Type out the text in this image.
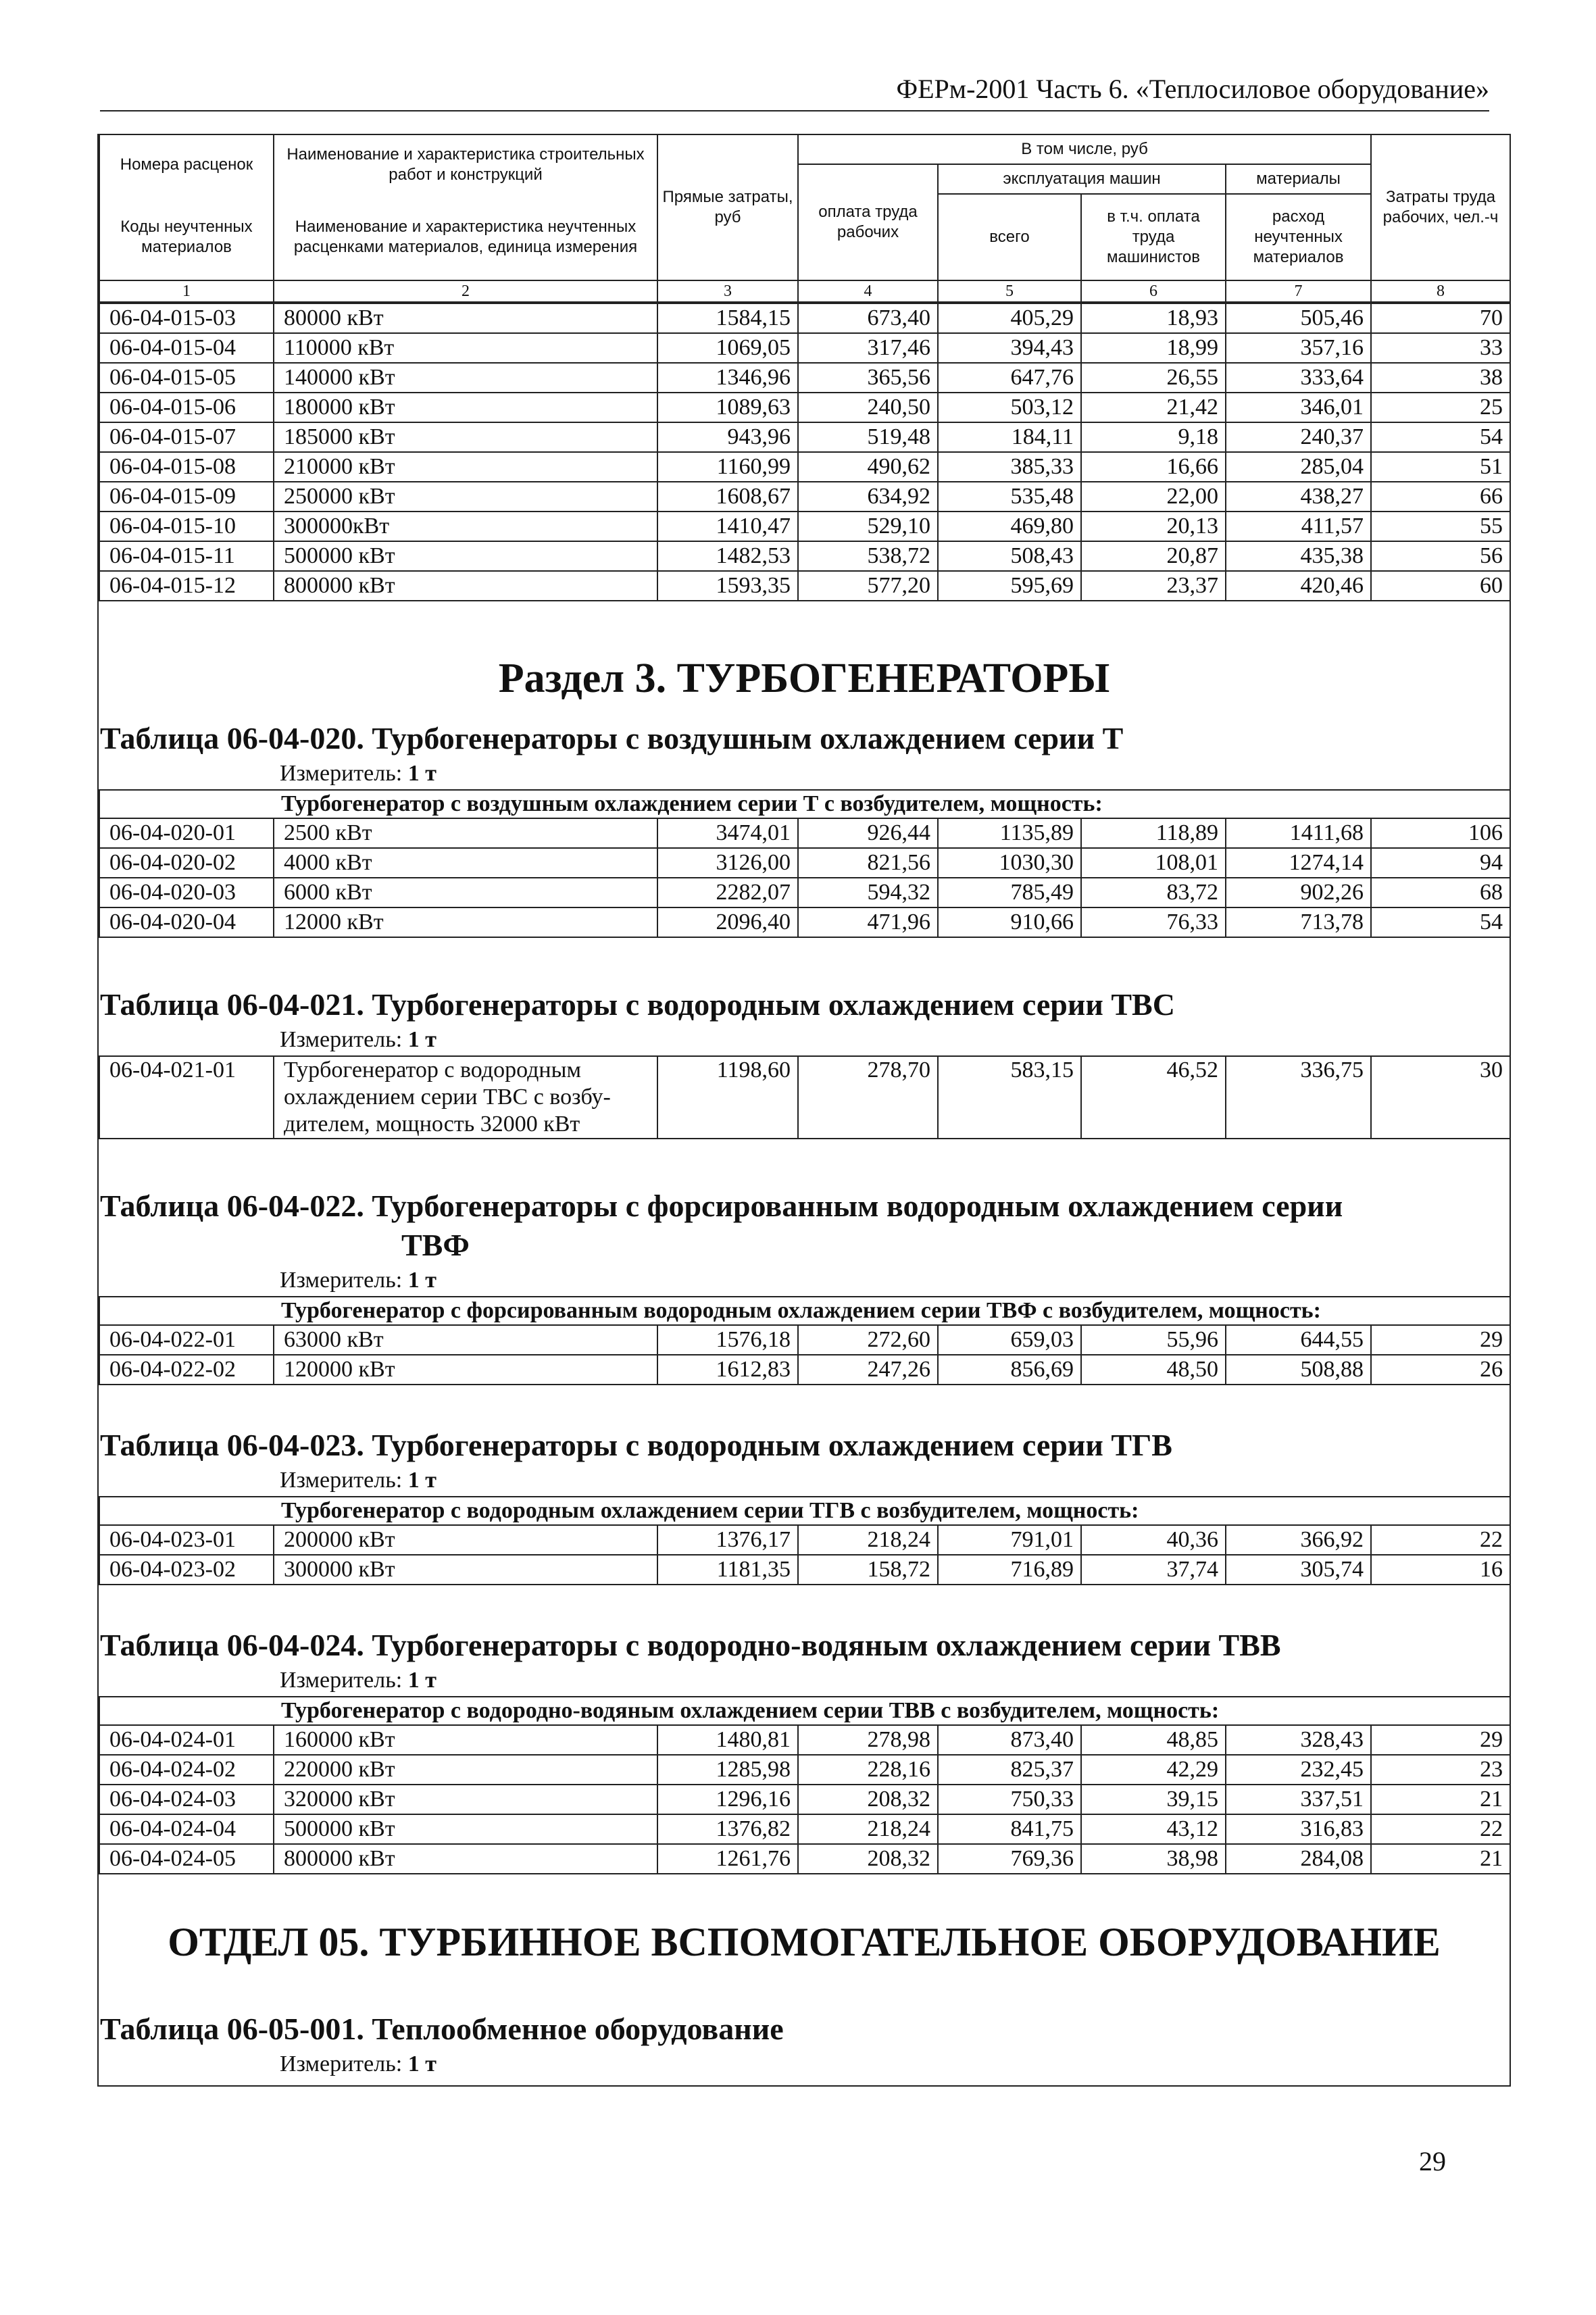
ФЕРм-2001 Часть 6. «Теплосиловое оборудование»
Номера расценок	Наименование и характеристика строительных работ и конструкций	Прямые затраты, руб	В том числе, руб				Затраты труда рабочих, чел.-ч
			оплата труда рабочих	эксплуатация машин		материалы	
Коды неучтенных материалов	Наименование и характеристика неучтенных расценками материалов, единица измерения			всего	в т.ч. оплата труда машинистов	расход неучтенных материалов	

1	2	3	4	5	6	7	8
06-04-015-03	80000 кВт	1584,15	673,40	405,29	18,93	505,46	70
06-04-015-04	110000 кВт	1069,05	317,46	394,43	18,99	357,16	33
06-04-015-05	140000 кВт	1346,96	365,56	647,76	26,55	333,64	38
06-04-015-06	180000 кВт	1089,63	240,50	503,12	21,42	346,01	25
06-04-015-07	185000 кВт	943,96	519,48	184,11	9,18	240,37	54
06-04-015-08	210000 кВт	1160,99	490,62	385,33	16,66	285,04	51
06-04-015-09	250000 кВт	1608,67	634,92	535,48	22,00	438,27	66
06-04-015-10	300000кВт	1410,47	529,10	469,80	20,13	411,57	55
06-04-015-11	500000 кВт	1482,53	538,72	508,43	20,87	435,38	56
06-04-015-12	800000 кВт	1593,35	577,20	595,69	23,37	420,46	60
Раздел 3. ТУРБОГЕНЕРАТОРЫ
Таблица 06-04-020. Турбогенераторы с воздушным охлаждением серии Т
Измеритель: 1 т
Турбогенератор с воздушным охлаждением серии Т с возбудителем, мощность:							
06-04-020-01	2500 кВт	3474,01	926,44	1135,89	118,89	1411,68	106
06-04-020-02	4000 кВт	3126,00	821,56	1030,30	108,01	1274,14	94
06-04-020-03	6000 кВт	2282,07	594,32	785,49	83,72	902,26	68
06-04-020-04	12000 кВт	2096,40	471,96	910,66	76,33	713,78	54
Таблица 06-04-021. Турбогенераторы с водородным охлаждением серии ТВС
Измеритель: 1 т
06-04-021-01	Турбогенератор с водородным охлаждением серии ТВС с возбу-дителем, мощность 32000 кВт	1198,60	278,70	583,15	46,52	336,75	30
Таблица 06-04-022. Турбогенераторы с форсированным водородным охлаждением серии
ТВФ
Измеритель: 1 т
Турбогенератор с форсированным водородным охлаждением серии ТВФ с возбудителем, мощность:							
06-04-022-01	63000 кВт	1576,18	272,60	659,03	55,96	644,55	29
06-04-022-02	120000 кВт	1612,83	247,26	856,69	48,50	508,88	26
Таблица 06-04-023. Турбогенераторы с водородным охлаждением серии ТГВ
Измеритель: 1 т
Турбогенератор с водородным охлаждением серии ТГВ с возбудителем, мощность:							
06-04-023-01	200000 кВт	1376,17	218,24	791,01	40,36	366,92	22
06-04-023-02	300000 кВт	1181,35	158,72	716,89	37,74	305,74	16
Таблица 06-04-024. Турбогенераторы с водородно-водяным охлаждением серии ТВВ
Измеритель: 1 т
Турбогенератор с водородно-водяным охлаждением серии ТВВ с возбудителем, мощность:							
06-04-024-01	160000 кВт	1480,81	278,98	873,40	48,85	328,43	29
06-04-024-02	220000 кВт	1285,98	228,16	825,37	42,29	232,45	23
06-04-024-03	320000 кВт	1296,16	208,32	750,33	39,15	337,51	21
06-04-024-04	500000 кВт	1376,82	218,24	841,75	43,12	316,83	22
06-04-024-05	800000 кВт	1261,76	208,32	769,36	38,98	284,08	21
ОТДЕЛ 05. ТУРБИННОЕ ВСПОМОГАТЕЛЬНОЕ ОБОРУДОВАНИЕ
Таблица 06-05-001. Теплообменное оборудование
Измеритель: 1 т
29
